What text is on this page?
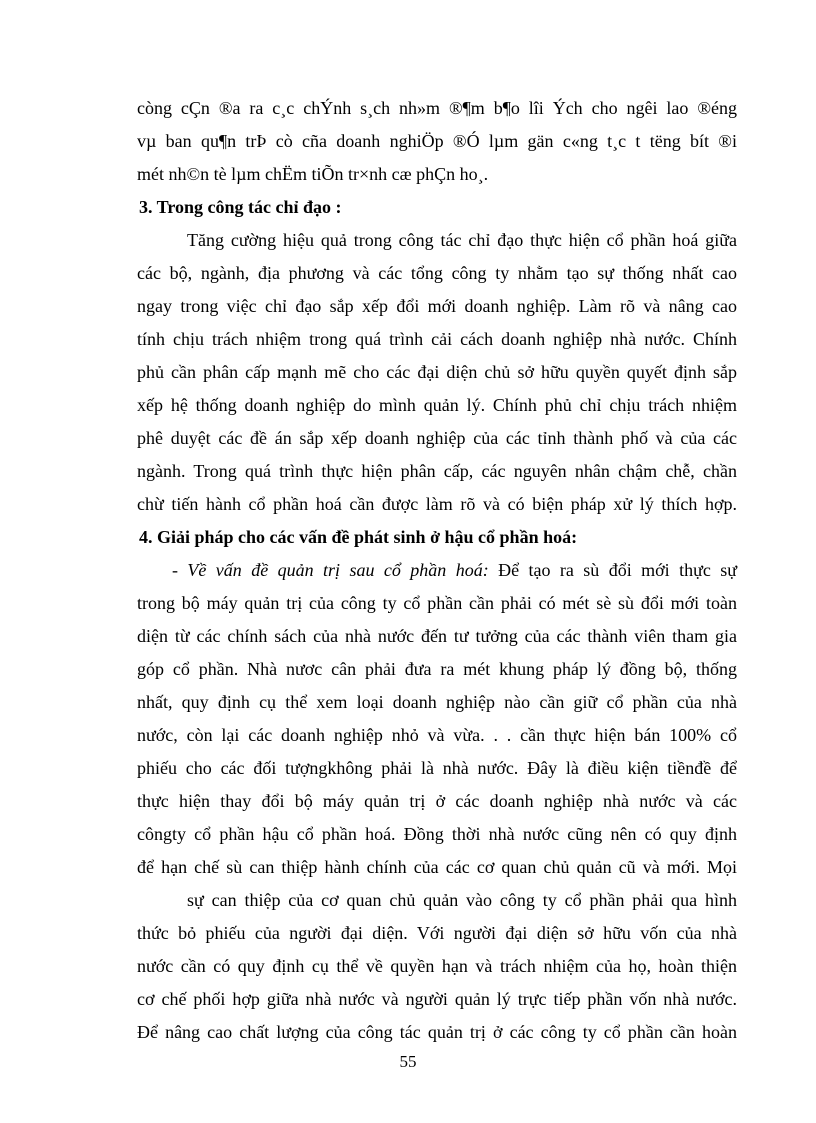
còng cÇn ®a ra c¸c chÝnh s¸ch nh»m ®¶m b¶o lîi Ých cho ngêi lao ®éng
vµ ban qu¶n trÞ cò cña doanh nghiÖp ®Ó lµm gän c«ng t¸c t tëng bít ®i
mét nh©n tè lµm chËm tiÕn tr×nh cæ phÇn ho¸.
3. Trong công tác chỉ đạo :
Tăng cường hiệu quả trong công tác chỉ đạo thực hiện cổ phần hoá giữa
các bộ, ngành, địa phương và các tổng công ty nhằm tạo sự thống nhất cao
ngay trong việc chỉ đạo sắp xếp đổi mới doanh nghiệp. Làm rõ và nâng cao
tính chịu trách nhiệm trong quá trình cải cách doanh nghiệp nhà nước. Chính
phủ cần phân cấp mạnh mẽ cho các đại diện chủ sở hữu quyền quyết định sắp
xếp hệ thống doanh nghiệp do mình quản lý. Chính phủ chỉ chịu trách nhiệm
phê duyệt các đề án sắp xếp doanh nghiệp của các tỉnh thành phố và của các
ngành. Trong quá trình thực hiện phân cấp, các nguyên nhân chậm chễ, chần
chừ tiến hành cổ phần hoá cần được làm rõ và có biện pháp xử lý thích hợp.
4. Giải pháp cho các vấn đề phát sinh ở hậu cổ phần hoá:
- Về vấn đề quản trị sau cổ phần hoá: Để tạo ra sù đổi mới thực sự
trong bộ máy quản trị của công ty cổ phần cần phải có mét sè sù đổi mới toàn
diện từ các chính sách của nhà nước đến tư tưởng của các thành viên tham gia
góp cổ phần. Nhà nươc cân phải đưa ra mét khung pháp lý đồng bộ, thống
nhất, quy định cụ thể xem loại doanh nghiệp nào cần giữ cổ phần của nhà
nước, còn lại các doanh nghiệp nhỏ và vừa. . . cần thực hiện bán 100% cổ
phiếu cho các đối tượngkhông phải là nhà nước. Đây là điều kiện tiềnđề để
thực hiện thay đổi bộ máy quản trị ở các doanh nghiệp nhà nước và các
côngty cổ phần hậu cổ phần hoá. Đồng thời nhà nước cũng nên có quy định
để hạn chế sù can thiệp hành chính của các cơ quan chủ quản cũ và mới. Mọi
sự can thiệp của cơ quan chủ quản vào công ty cổ phần phải qua hình
thức bỏ phiếu của người đại diện. Với người đại diện sở hữu vốn của nhà
nước cần có quy định cụ thể về quyền hạn và trách nhiệm của họ, hoàn thiện
cơ chế phối hợp giữa nhà nước và người quản lý trực tiếp phần vốn nhà nước.
Để nâng cao chất lượng của công tác quản trị ở các công ty cổ phần cần hoàn
55
